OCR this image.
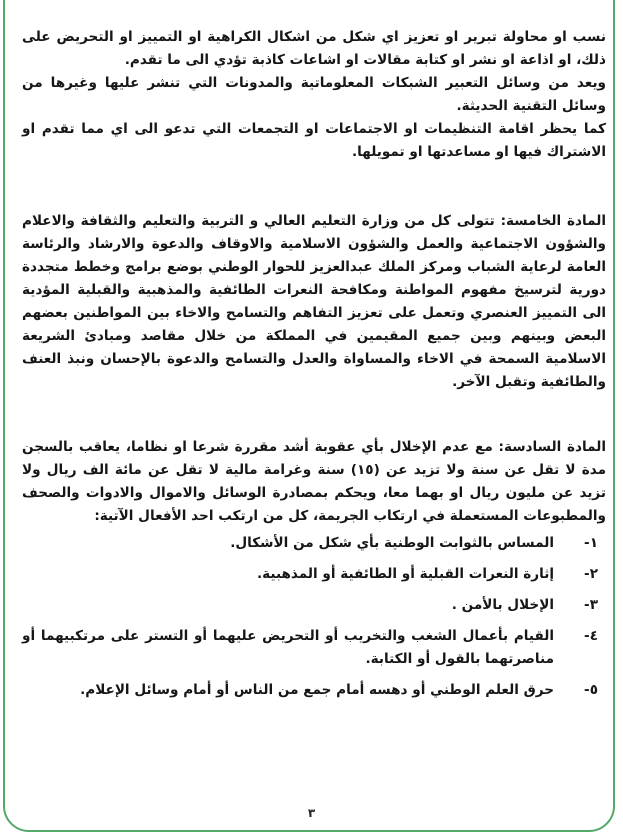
نسب او محاولة تبرير او تعزيز اي شكل من اشكال الكراهية او التمييز او التحريض على ذلك، او اذاعة او نشر او كتابة مقالات او اشاعات كاذبة تؤدي الى ما تقدم.

ويعد من وسائل التعبير الشبكات المعلوماتية والمدونات التي تنشر عليها وغيرها من وسائل التقنية الحديثة.

كما يحظر اقامة التنظيمات او الاجتماعات او التجمعات التي تدعو الى اي مما تقدم او الاشتراك فيها او مساعدتها او تمويلها.

المادة الخامسة: تتولى كل من وزارة التعليم العالي و التربية والتعليم والثقافة والاعلام والشؤون الاجتماعية والعمل والشؤون الاسلامية والاوقاف والدعوة والارشاد والرئاسة العامة لرعاية الشباب ومركز الملك عبدالعزيز للحوار الوطني بوضع برامج وخطط متجددة دورية لترسيخ مفهوم المواطنة ومكافحة النعرات الطائفية والمذهبية والقبلية المؤدية الى التمييز العنصري وتعمل على تعزيز التفاهم والتسامح والاخاء بين المواطنين بعضهم البعض وبينهم وبين جميع المقيمين في المملكة من خلال مقاصد ومبادئ الشريعة الاسلامية السمحة في الاخاء والمساواة والعدل والتسامح والدعوة بالإحسان ونبذ العنف والطائفية وتقبل الآخر.

المادة السادسة: مع عدم الإخلال بأي عقوبة أشد مقررة شرعا او نظاما، يعاقب بالسجن مدة لا تقل عن سنة ولا تزيد عن (١٥) سنة وغرامة مالية لا تقل عن مائة الف ريال ولا تزيد عن مليون ريال او بهما معا، ويحكم بمصادرة الوسائل والاموال والادوات والصحف والمطبوعات المستعملة في ارتكاب الجريمة، كل من ارتكب احد الأفعال الآتية:

١-
المساس بالثوابت الوطنية بأي شكل من الأشكال.
٢-
إثارة النعرات القبلية أو الطائفية أو المذهبية.
٣-
الإخلال بالأمن .
٤-
القيام بأعمال الشغب والتخريب أو التحريض عليهما أو التستر على مرتكبيهما أو مناصرتهما بالقول أو الكتابة.
٥-
حرق العلم الوطني أو دهسه أمام جمع من الناس أو أمام وسائل الإعلام.
٣
